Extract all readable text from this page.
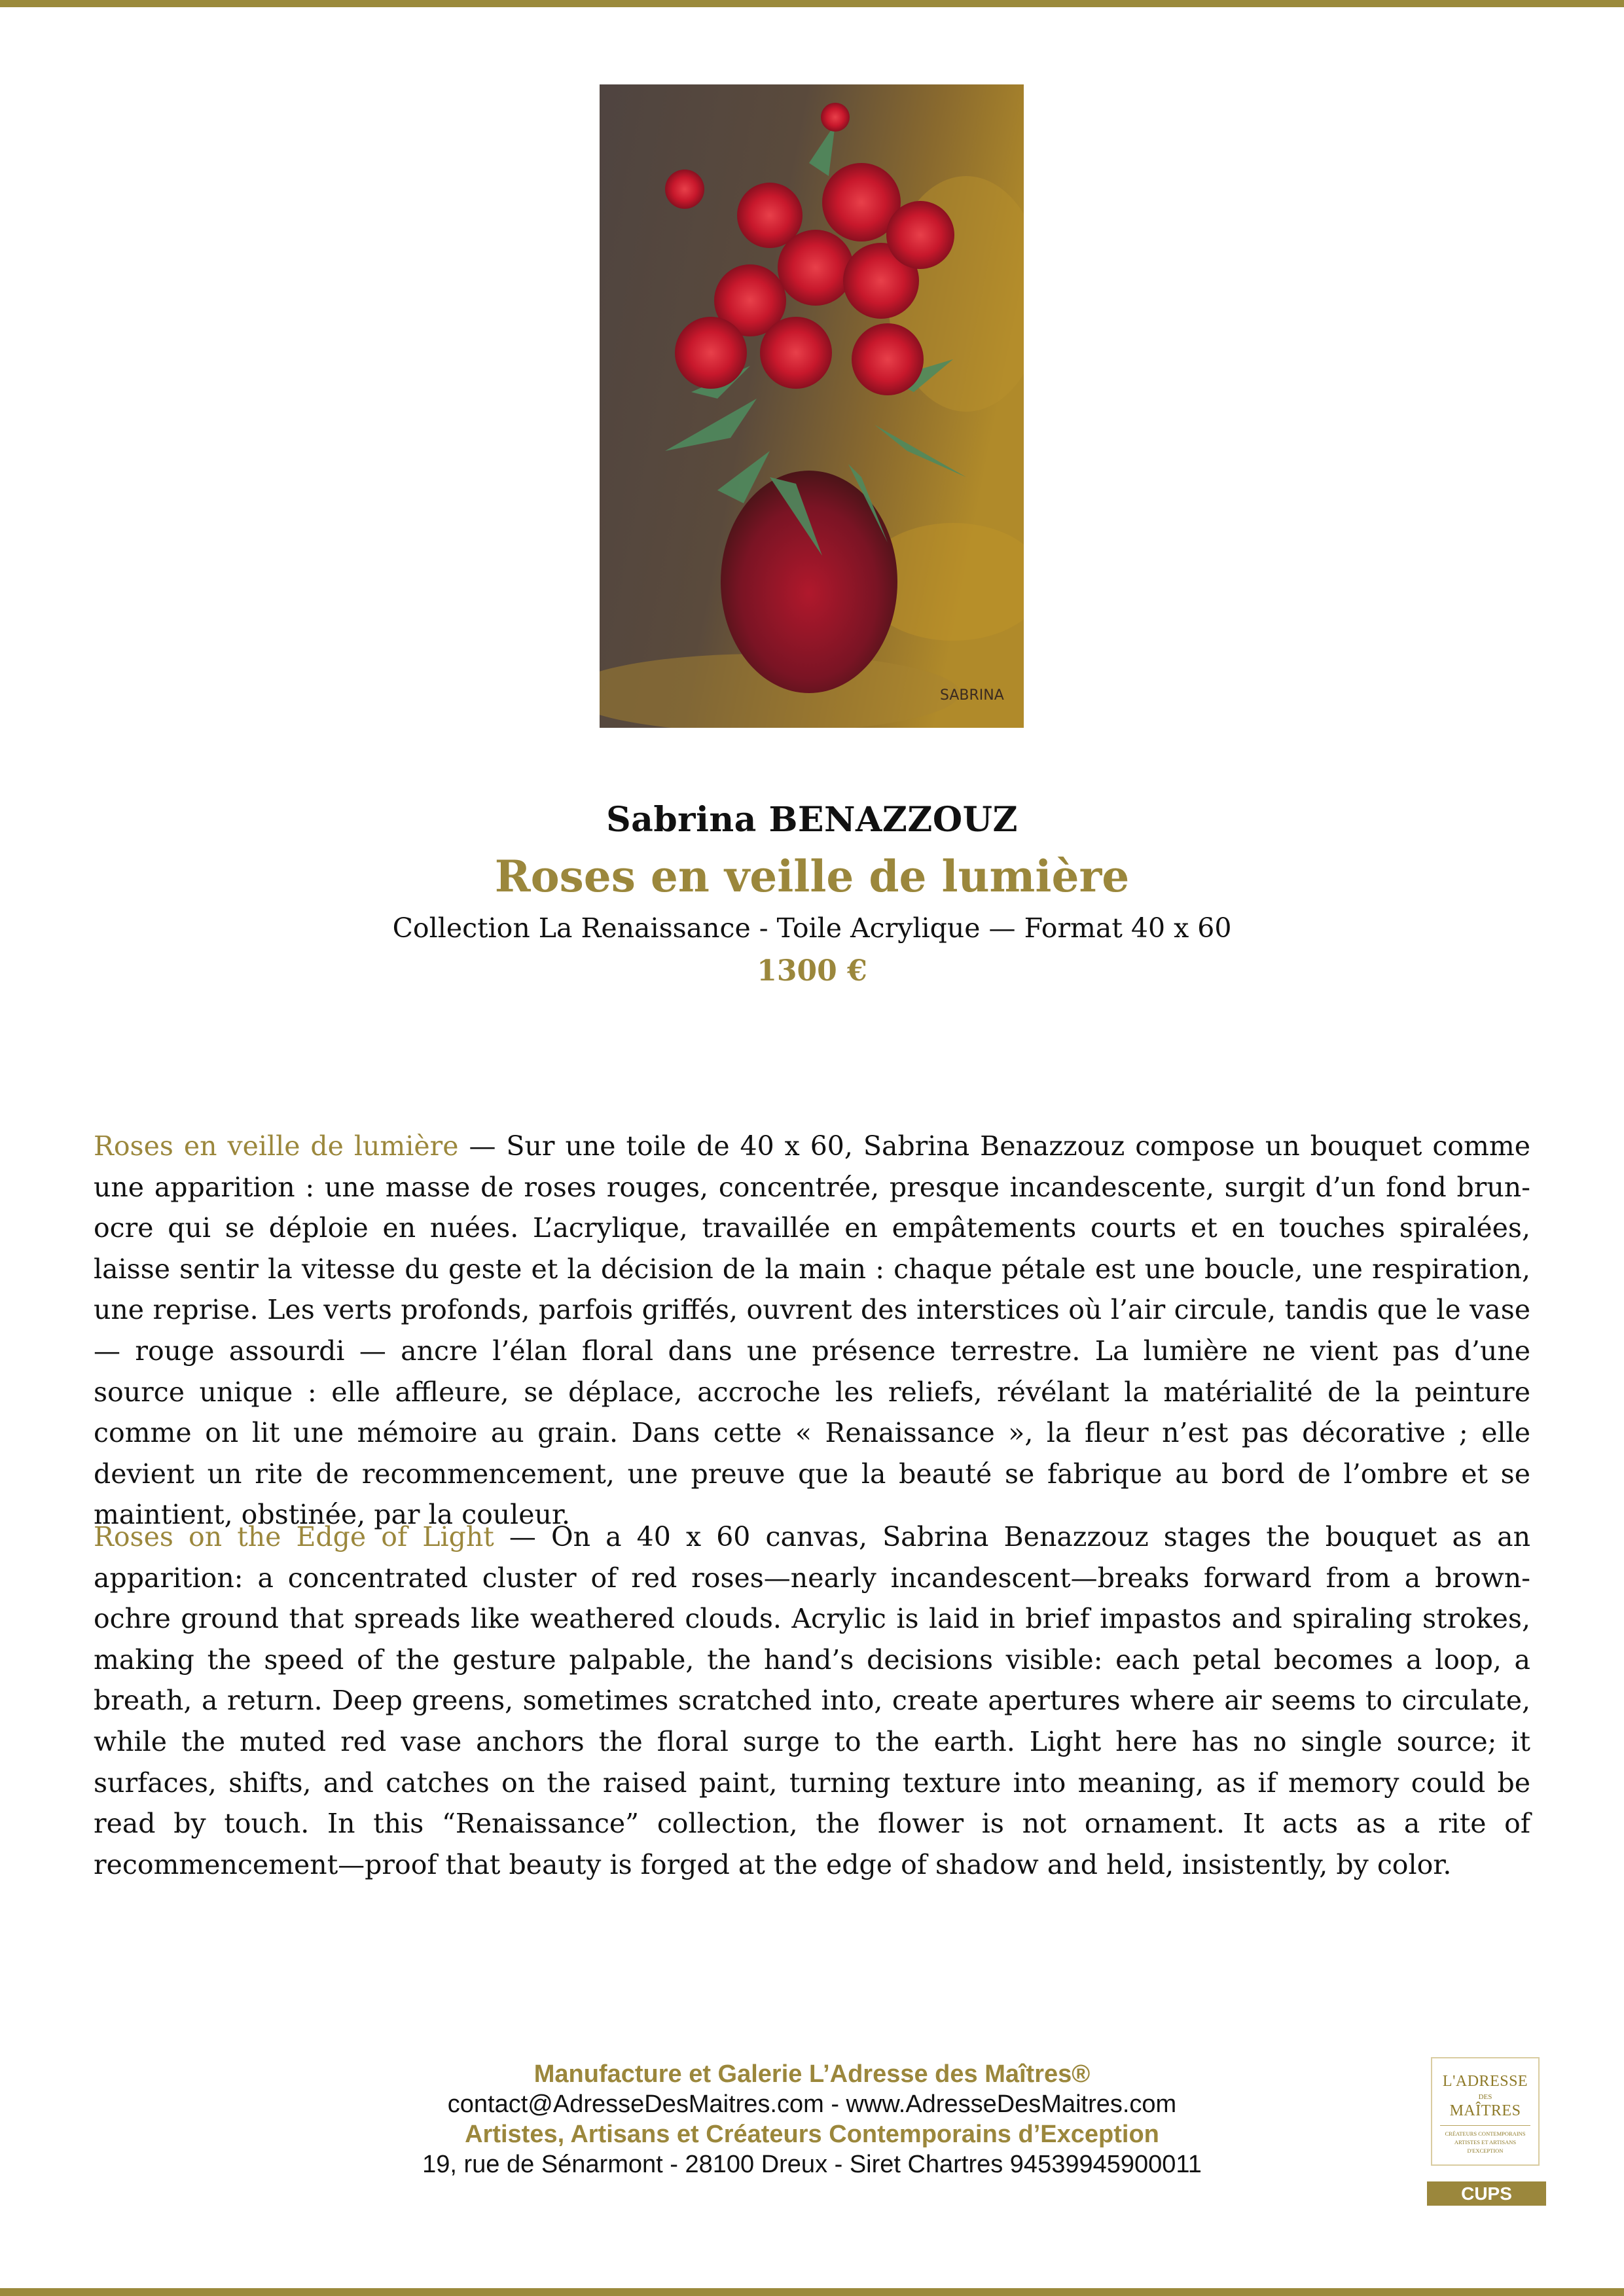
SABRINA
Sabrina BENAZZOUZ
Roses en veille de lumière
Collection La Renaissance - Toile Acrylique — Format 40 x 60
1300 €

Roses en veille de lumière — Sur une toile de 40 x 60, Sabrina Benazzouz compose un bouquet comme une apparition : une masse de roses rouges, concentrée, presque incandescente, surgit d’un fond brun-ocre qui se déploie en nuées. L’acrylique, travaillée en empâtements courts et en touches spiralées, laisse sentir la vitesse du geste et la décision de la main : chaque pétale est une boucle, une respiration, une reprise. Les verts profonds, parfois griffés, ouvrent des interstices où l’air circule, tandis que le vase — rouge assourdi — ancre l’élan floral dans une présence terrestre. La lumière ne vient pas d’une source unique : elle affleure, se déplace, accroche les reliefs, révélant la matérialité de la peinture comme on lit une mémoire au grain. Dans cette « Renaissance », la fleur n’est pas décorative ; elle devient un rite de recommencement, une preuve que la beauté se fabrique au bord de l’ombre et se maintient, obstinée, par la couleur.

Roses on the Edge of Light — On a 40 x 60 canvas, Sabrina Benazzouz stages the bouquet as an apparition: a concentrated cluster of red roses—nearly incandescent—breaks forward from a brown-ochre ground that spreads like weathered clouds. Acrylic is laid in brief impastos and spiraling strokes, making the speed of the gesture palpable, the hand’s decisions visible: each petal becomes a loop, a breath, a return. Deep greens, sometimes scratched into, create apertures where air seems to circulate, while the muted red vase anchors the floral surge to the earth. Light here has no single source; it surfaces, shifts, and catches on the raised paint, turning texture into meaning, as if memory could be read by touch. In this “Renaissance” collection, the flower is not ornament. It acts as a rite of recommencement—proof that beauty is forged at the edge of shadow and held, insistently, by color.

Manufacture et Galerie L’Adresse des Maîtres®
contact@AdresseDesMaitres.com - www.AdresseDesMaitres.com
Artistes, Artisans et Créateurs Contemporains d’Exception
19, rue de Sénarmont - 28100 Dreux - Siret Chartres 94539945900011
L'ADRESSE
DES
MAÎTRES
CRÉATEURS CONTEMPORAINS
ARTISTES ET ARTISANS
D'EXCEPTION
CUPS
